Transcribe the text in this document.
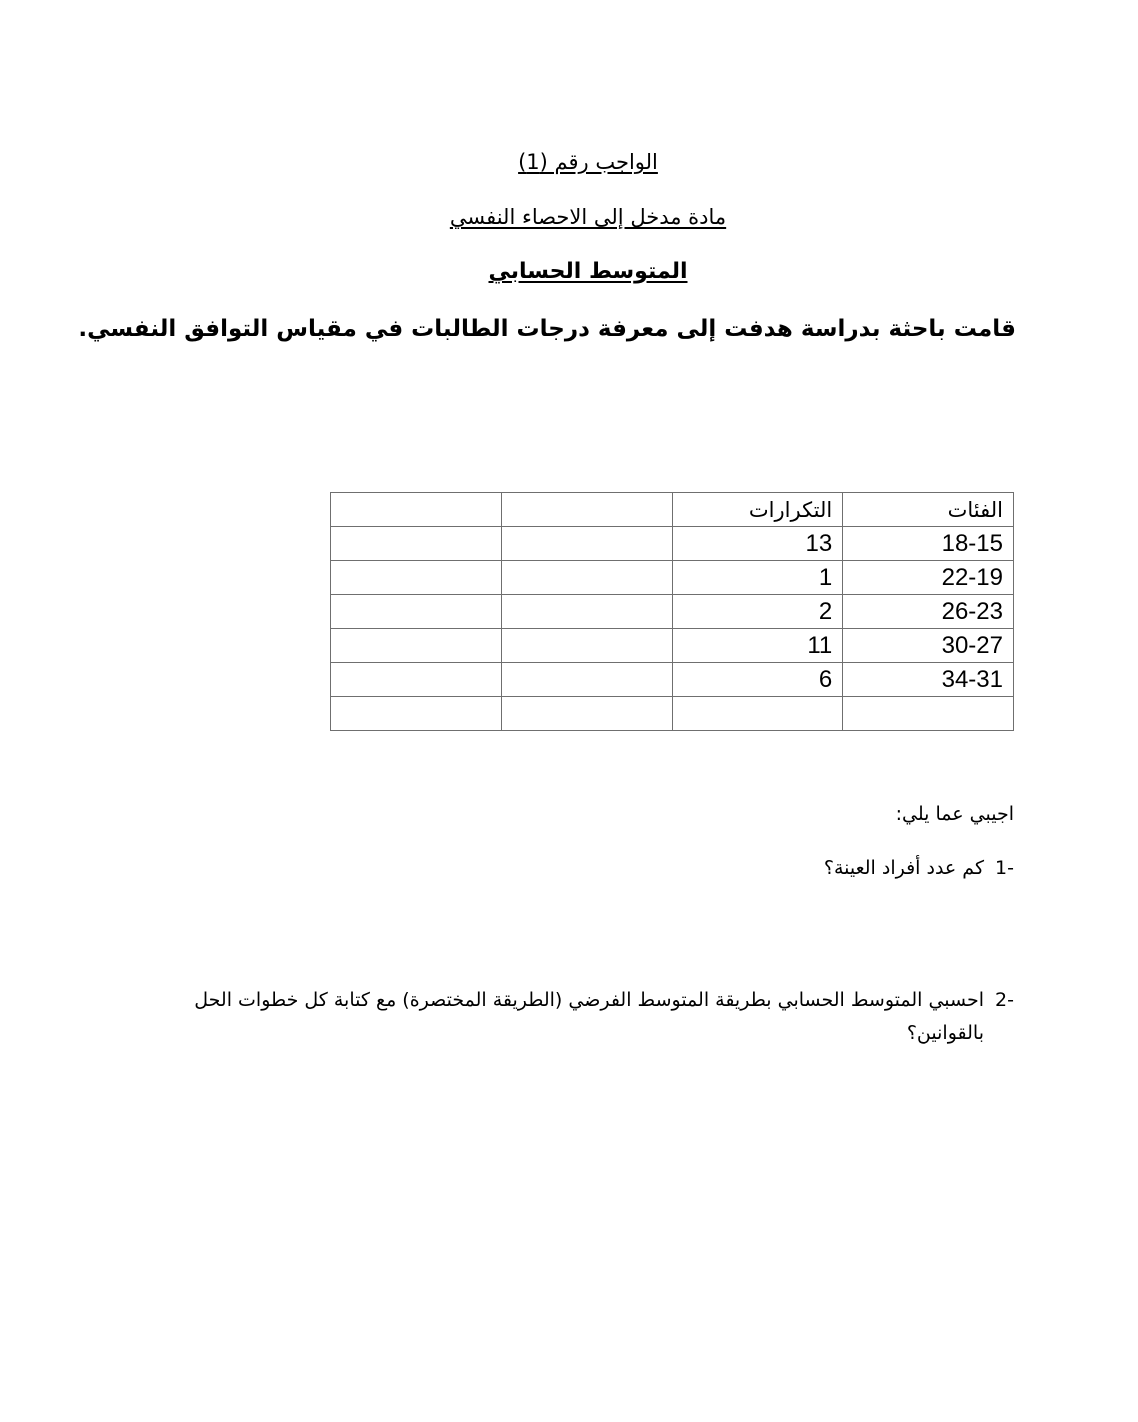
الواجب رقم (1)
مادة مدخل إلى الاحصاء النفسي
المتوسط الحسابي
قامت باحثة بدراسة هدفت إلى معرفة درجات الطالبات في مقياس التوافق النفسي.
الفئات	التكرارات		
18-15	13		
22-19	1		
26-23	2		
30-27	11		
34-31	6		

اجيبي عما يلي:
1-
كم عدد أفراد العينة؟
2-
احسبي المتوسط الحسابي بطريقة المتوسط الفرضي (الطريقة المختصرة) مع كتابة كل خطوات الحل بالقوانين؟
